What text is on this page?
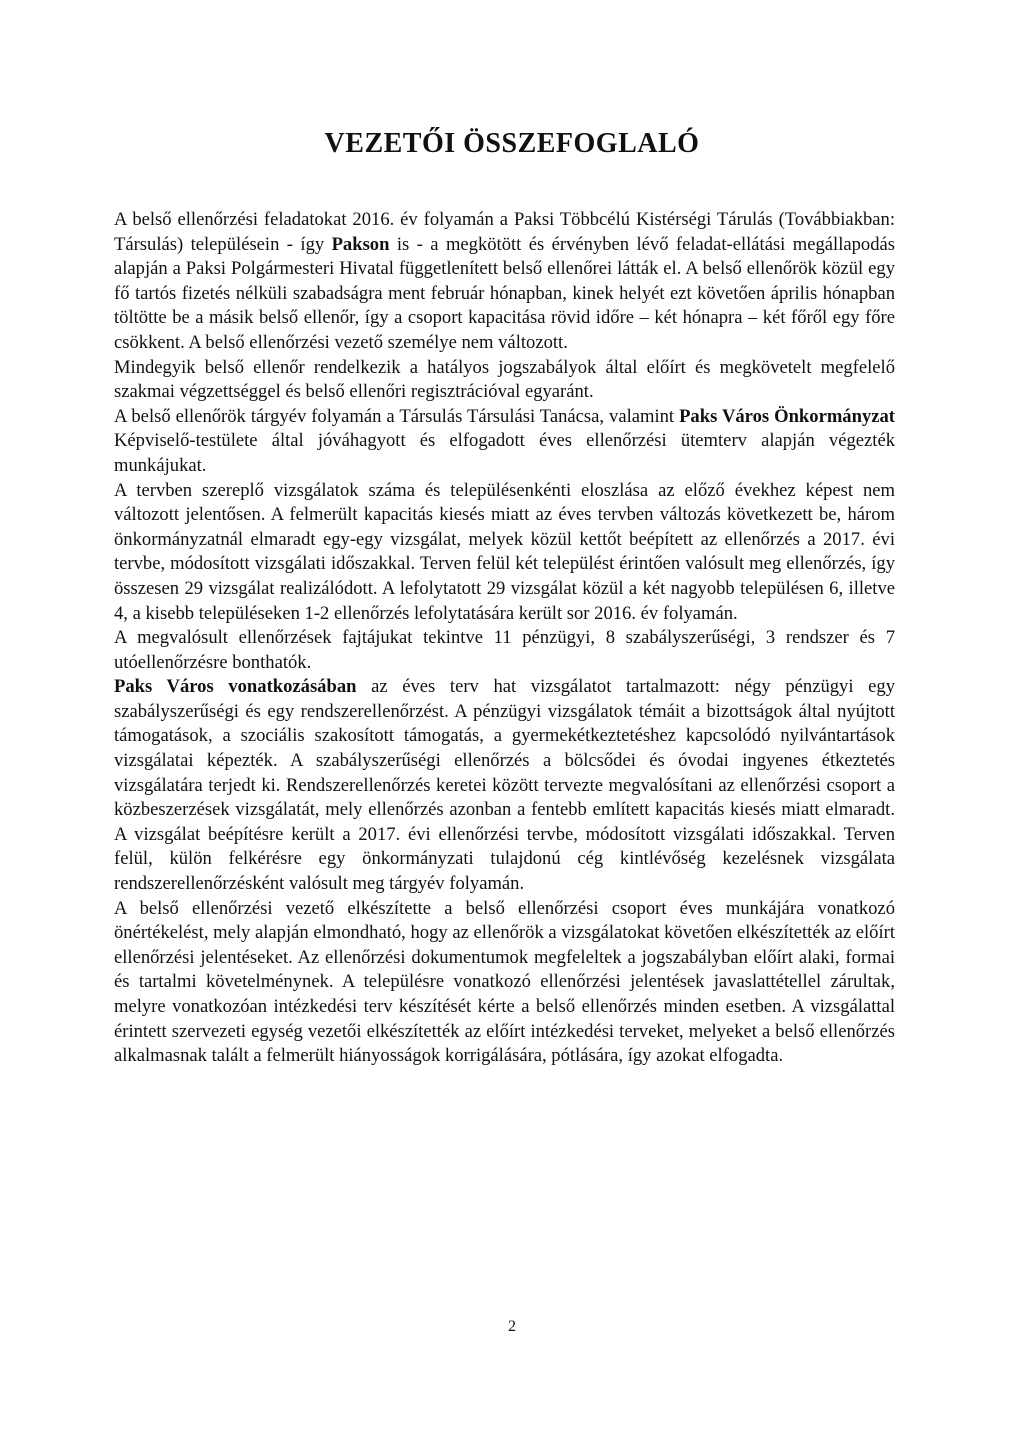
VEZETŐI ÖSSZEFOGLALÓ

A belső ellenőrzési feladatokat 2016. év folyamán a Paksi Többcélú Kistérségi Tárulás (Továbbiakban: Társulás) településein - így Pakson is - a megkötött és érvényben lévő feladat-ellátási megállapodás alapján a Paksi Polgármesteri Hivatal függetlenített belső ellenőrei látták el. A belső ellenőrök közül egy fő tartós fizetés nélküli szabadságra ment február hónapban, kinek helyét ezt követően április hónapban töltötte be a másik belső ellenőr, így a csoport kapacitása rövid időre – két hónapra – két főről egy főre csökkent. A belső ellenőrzési vezető személye nem változott.

Mindegyik belső ellenőr rendelkezik a hatályos jogszabályok által előírt és megkövetelt megfelelő szakmai végzettséggel és belső ellenőri regisztrációval egyaránt.

A belső ellenőrök tárgyév folyamán a Társulás Társulási Tanácsa, valamint Paks Város Önkormányzat Képviselő-testülete által jóváhagyott és elfogadott éves ellenőrzési ütemterv alapján végezték munkájukat.

A tervben szereplő vizsgálatok száma és településenkénti eloszlása az előző évekhez képest nem változott jelentősen. A felmerült kapacitás kiesés miatt az éves tervben változás következett be, három önkormányzatnál elmaradt egy-egy vizsgálat, melyek közül kettőt beépített az ellenőrzés a 2017. évi tervbe, módosított vizsgálati időszakkal. Terven felül két települést érintően valósult meg ellenőrzés, így összesen 29 vizsgálat realizálódott. A lefolytatott 29 vizsgálat közül a két nagyobb településen 6, illetve 4, a kisebb településeken 1-2 ellenőrzés lefolytatására került sor 2016. év folyamán.

A megvalósult ellenőrzések fajtájukat tekintve 11 pénzügyi, 8 szabályszerűségi, 3 rendszer és 7 utóellenőrzésre bonthatók.

Paks Város vonatkozásában az éves terv hat vizsgálatot tartalmazott: négy pénzügyi egy szabályszerűségi és egy rendszerellenőrzést. A pénzügyi vizsgálatok témáit a bizottságok által nyújtott támogatások, a szociális szakosított támogatás, a gyermekétkeztetéshez kapcsolódó nyilvántartások vizsgálatai képezték. A szabályszerűségi ellenőrzés a bölcsődei és óvodai ingyenes étkeztetés vizsgálatára terjedt ki. Rendszerellenőrzés keretei között tervezte megvalósítani az ellenőrzési csoport a közbeszerzések vizsgálatát, mely ellenőrzés azonban a fentebb említett kapacitás kiesés miatt elmaradt. A vizsgálat beépítésre került a 2017. évi ellenőrzési tervbe, módosított vizsgálati időszakkal. Terven felül, külön felkérésre egy önkormányzati tulajdonú cég kintlévőség kezelésnek vizsgálata rendszerellenőrzésként valósult meg tárgyév folyamán.

A belső ellenőrzési vezető elkészítette a belső ellenőrzési csoport éves munkájára vonatkozó önértékelést, mely alapján elmondható, hogy az ellenőrök a vizsgálatokat követően elkészítették az előírt ellenőrzési jelentéseket. Az ellenőrzési dokumentumok megfeleltek a jogszabályban előírt alaki, formai és tartalmi követelménynek. A településre vonatkozó ellenőrzési jelentések javaslattétellel zárultak, melyre vonatkozóan intézkedési terv készítését kérte a belső ellenőrzés minden esetben. A vizsgálattal érintett szervezeti egység vezetői elkészítették az előírt intézkedési terveket, melyeket a belső ellenőrzés alkalmasnak talált a felmerült hiányosságok korrigálására, pótlására, így azokat elfogadta.

2
